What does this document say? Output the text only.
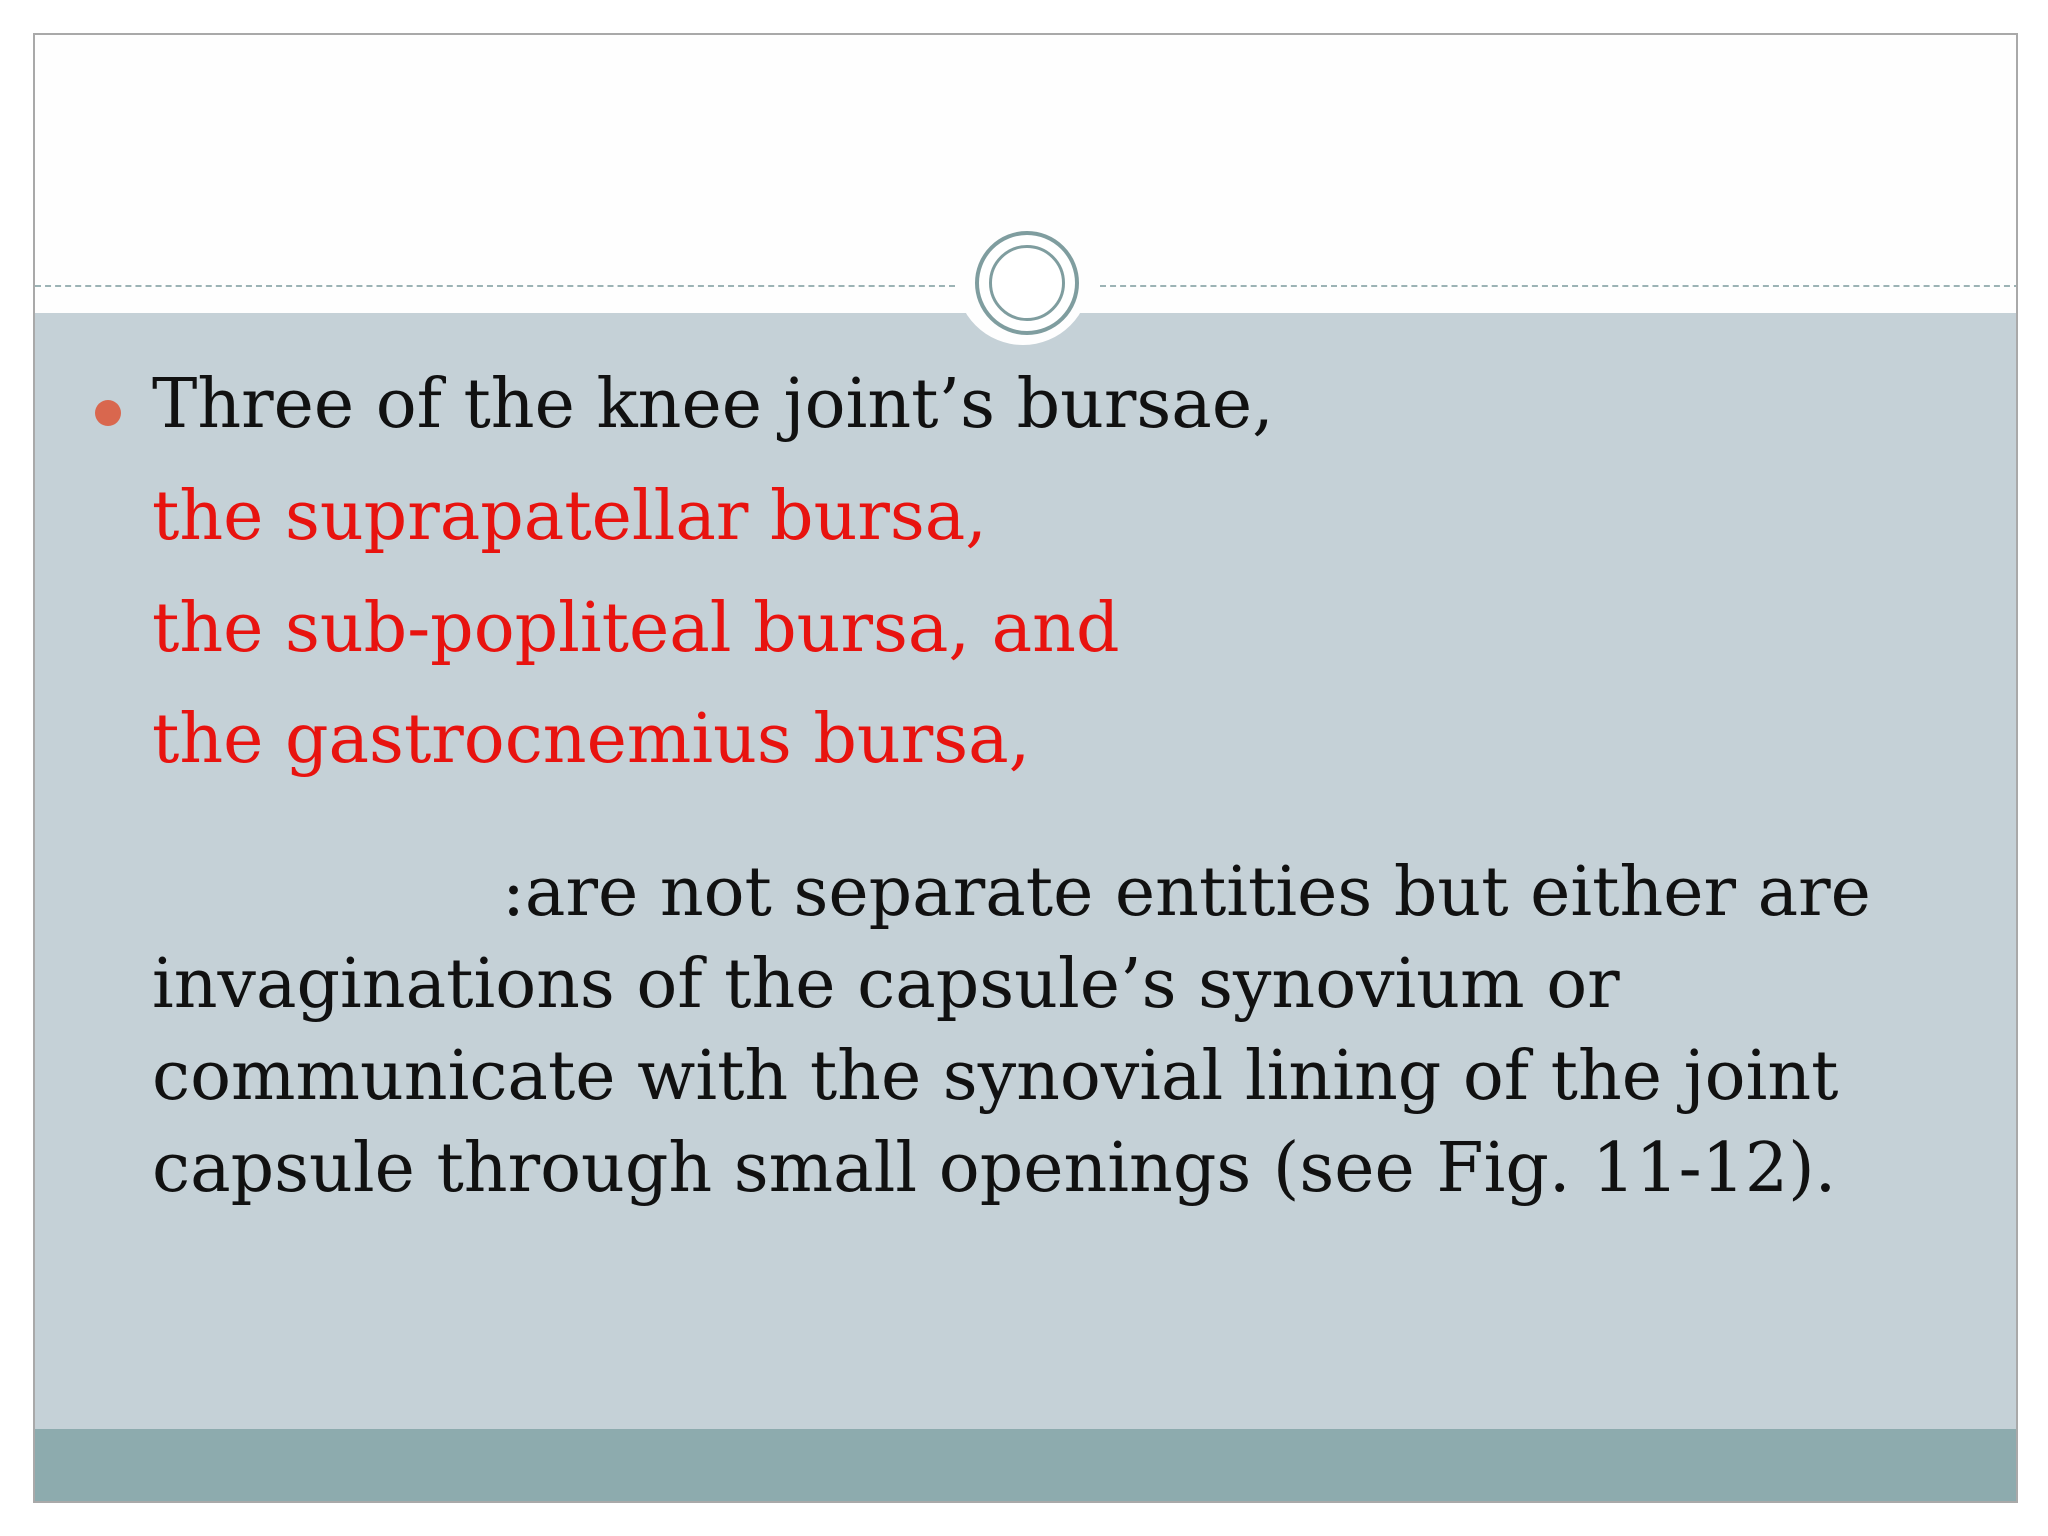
Three of the knee joint’s bursae,
the suprapatellar bursa,
the sub-popliteal bursa, and
the gastrocnemius bursa,
:are not separate entities but either are invaginations of the capsule’s synovium or communicate with the synovial lining of the joint capsule through small openings (see Fig. 11-12).
